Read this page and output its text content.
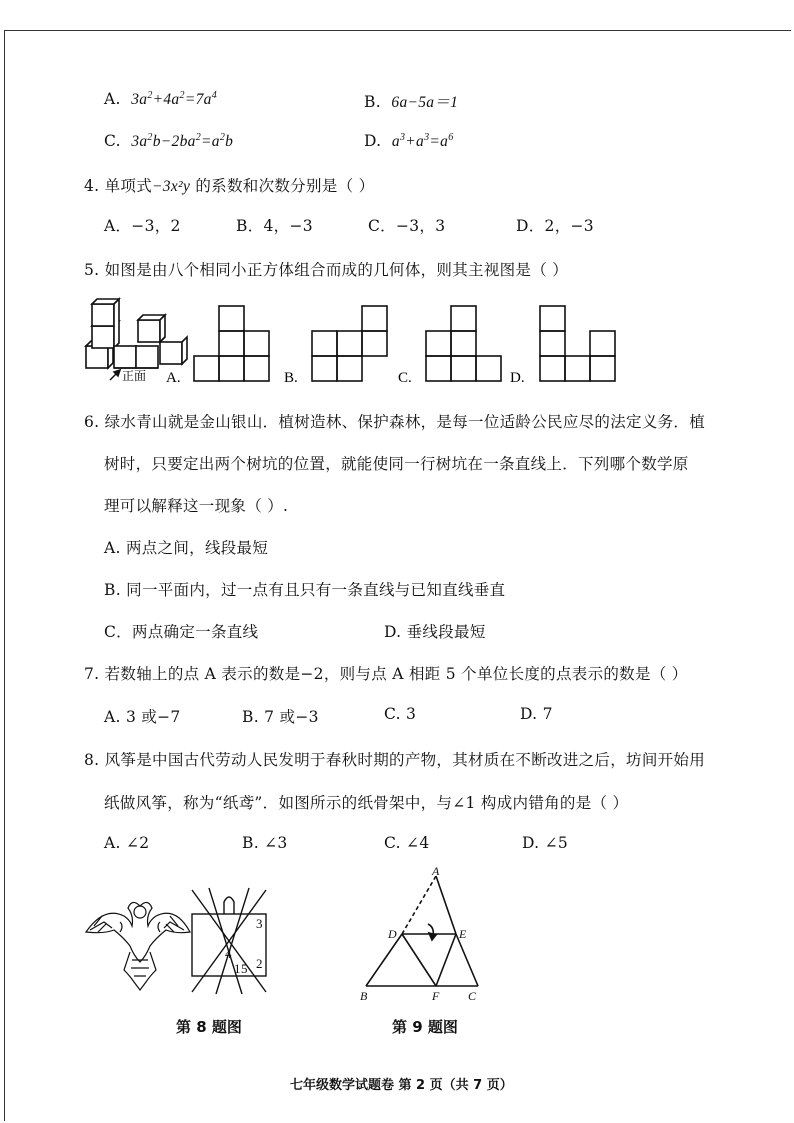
A. $3a^2+4a^2=7a^4$	B. 6a−5a＝1
C. $3a^2b-2ba^2=a^2b$	D. $a^3+a^3=a^6$
4. 单项式−3x²y 的系数和次数分别是（ ）
A．−3，2	B．4，−3	C．−3，3	D．2，−3
5. 如图是由八个相同小正方体组合而成的几何体，则其主视图是（ ）
正面 A.	B.	C.	D.
6. 绿水青山就是金山银山．植树造林、保护森林，是每一位适龄公民应尽的法定义务．植
树时，只要定出两个树坑的位置，就能使同一行树坑在一条直线上．下列哪个数学原
理可以解释这一现象（ ）.
A. 两点之间，线段最短
B. 同一平面内，过一点有且只有一条直线与已知直线垂直
C．两点确定一条直线	D. 垂线段最短
7. 若数轴上的点 A 表示的数是−2，则与点 A 相距 5 个单位长度的点表示的数是（ ）
A. 3 或−7	B. 7 或−3	C. 3	D. 7
8. 风筝是中国古代劳动人民发明于春秋时期的产物，其材质在不断改进之后，坊间开始用
纸做风筝，称为“纸鸢”．如图所示的纸骨架中，与∠1 构成内错角的是（ ）
A. ∠2	B. ∠3	C. ∠4	D. ∠5
1 2
3
4
5
A
D	E
B	F C
第 8 题图	第 9 题图
七年级数学试题卷 第 2 页（共 7 页）
